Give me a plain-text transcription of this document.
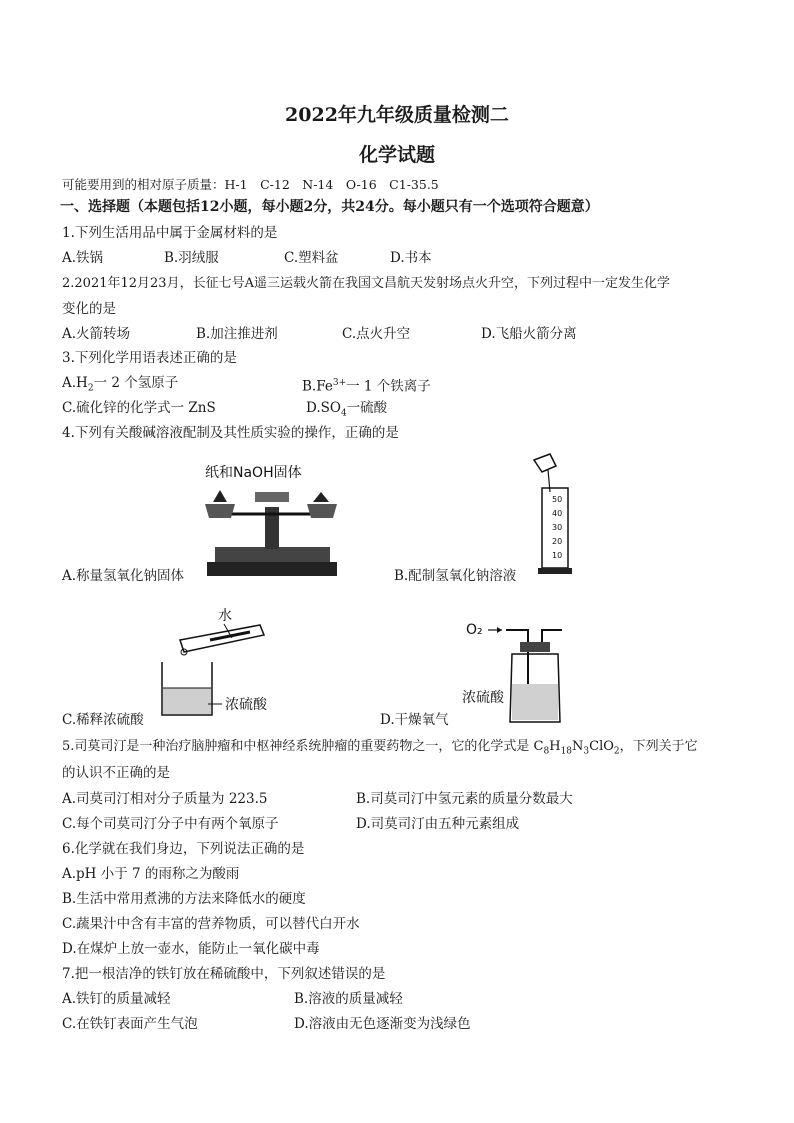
2022年九年级质量检测二
化学试题
可能要用到的相对原子质量：H-1　C-12　N-14　O-16　C1-35.5
一、选择题（本题包括12小题，每小题2分，共24分。每小题只有一个选项符合题意）
1.下列生活用品中属于金属材料的是
A.铁锅	B.羽绒服	C.塑料盆	D.书本
2.2021年12月23月，长征七号A遥三运载火箭在我国文昌航天发射场点火升空，下列过程中一定发生化学
变化的是
A.火箭转场	B.加注推进剂	C.点火升空	D.飞船火箭分离
3.下列化学用语表述正确的是
$A.H_2$一 2 个氢原子	$B.Fe^{3+}$一 1 个铁离子
C.硫化锌的化学式一 ZnS	$D.SO_4$一硫酸
4.下列有关酸碱溶液配制及其性质实验的操作，正确的是
纸和NaOH固体
A.称量氢氧化钠固体
50
40
30
20
10
B.配制氢氧化钠溶液
水
浓硫酸
C.稀释浓硫酸
O₂
浓硫酸
D.干燥氧气
5.司莫司汀是一种治疗脑肿瘤和中枢神经系统肿瘤的重要药物之一，它的化学式是 $C_8H_{18}N_3ClO_2$，下列关于它
的认识不正确的是
A.司莫司汀相对分子质量为 223.5	B.司莫司汀中氢元素的质量分数最大
C.每个司莫司汀分子中有两个氧原子	D.司莫司汀由五种元素组成
6.化学就在我们身边，下列说法正确的是
A.pH 小于 7 的雨称之为酸雨
B.生活中常用煮沸的方法来降低水的硬度
C.蔬果汁中含有丰富的营养物质，可以替代白开水
D.在煤炉上放一壶水，能防止一氧化碳中毒
7.把一根洁净的铁钉放在稀硫酸中，下列叙述错误的是
A.铁钉的质量减轻	B.溶液的质量减轻
C.在铁钉表面产生气泡	D.溶液由无色逐渐变为浅绿色
